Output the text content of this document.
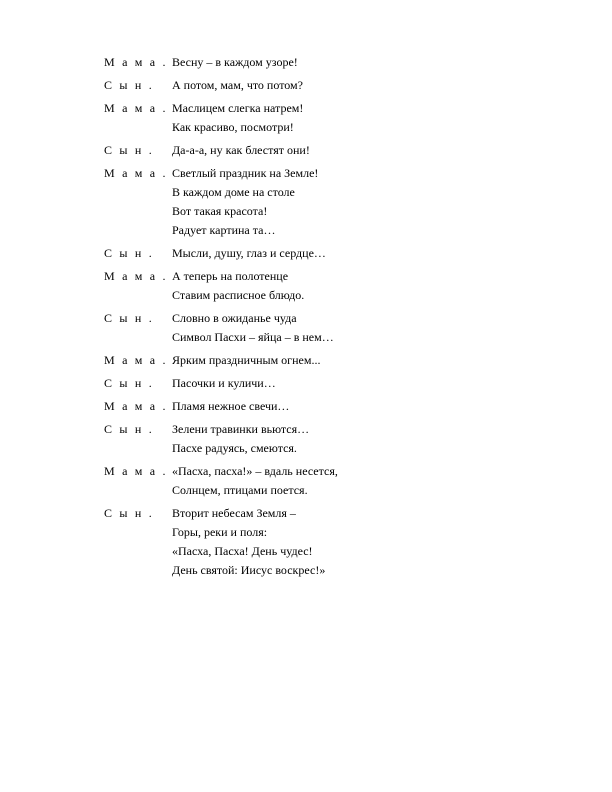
М а м а . Весну – в каждом узоре!
С ы н .	А потом, мам, что потом?
М а м а . Маслицем слегка натрем!
Как красиво, посмотри!
С ы н .	Да-а-а, ну как блестят они!
М а м а . Светлый праздник на Земле!
В каждом доме на столе
Вот такая красота!
Радует картина та…
С ы н .	Мысли, душу, глаз и сердце…
М а м а . А теперь на полотенце
Ставим расписное блюдо.
С ы н .	Словно в ожиданье чуда
Символ Пасхи – яйца – в нем…
М а м а . Ярким праздничным огнем...
С ы н .	Пасочки и куличи…
М а м а . Пламя нежное свечи…
С ы н .	Зелени травинки вьются…
Пасхе радуясь, смеются.
М а м а . «Пасха, пасха!» – вдаль несется,
Солнцем, птицами поется.
С ы н .	Вторит небесам Земля –
Горы, реки и поля:
«Пасха, Пасха! День чудес!
День святой: Иисус воскрес!»
